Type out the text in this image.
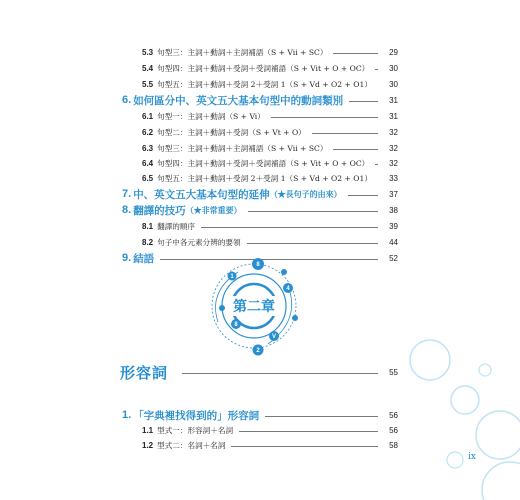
5.3 句型三：主詞＋動詞＋主詞補語（S + Vii + SC）	29
5.4 句型四：主詞＋動詞＋受詞＋受詞補語（S + Vit + O + OC）	30
5.5 句型五：主詞＋動詞＋受詞 2＋受詞 1（S + Vd + O 2 + O1）	30
6. 如何區分中、英文五大基本句型中的動詞類別	31
6.1 句型一：主詞＋動詞（S + Vi）	31
6.2 句型二：主詞＋動詞＋受詞（S + Vt + O）	32
6.3 句型三：主詞＋動詞＋主詞補語（S + Vii + SC）	32
6.4 句型四：主詞＋動詞＋受詞＋受詞補語（S + Vit + O + OC）	32
6.5 句型五：主詞＋動詞＋受詞 2＋受詞 1（S + Vd + O 2 + O1）	33
7. 中、英文五大基本句型的延伸 （★長句子的由來）	37
8. 翻譯的技巧 （★非常重要）	38
8.1 翻譯的順序	39
8.2 句子中各元素分辨的要領	44
9. 結語	52
8
1
4
8
V
2
第二章
形容詞	55
1. 「字典裡找得到的」形容詞	56
1.1 型式一：形容詞＋名詞	56
1.2 型式二：名詞＋名詞	58
ix
